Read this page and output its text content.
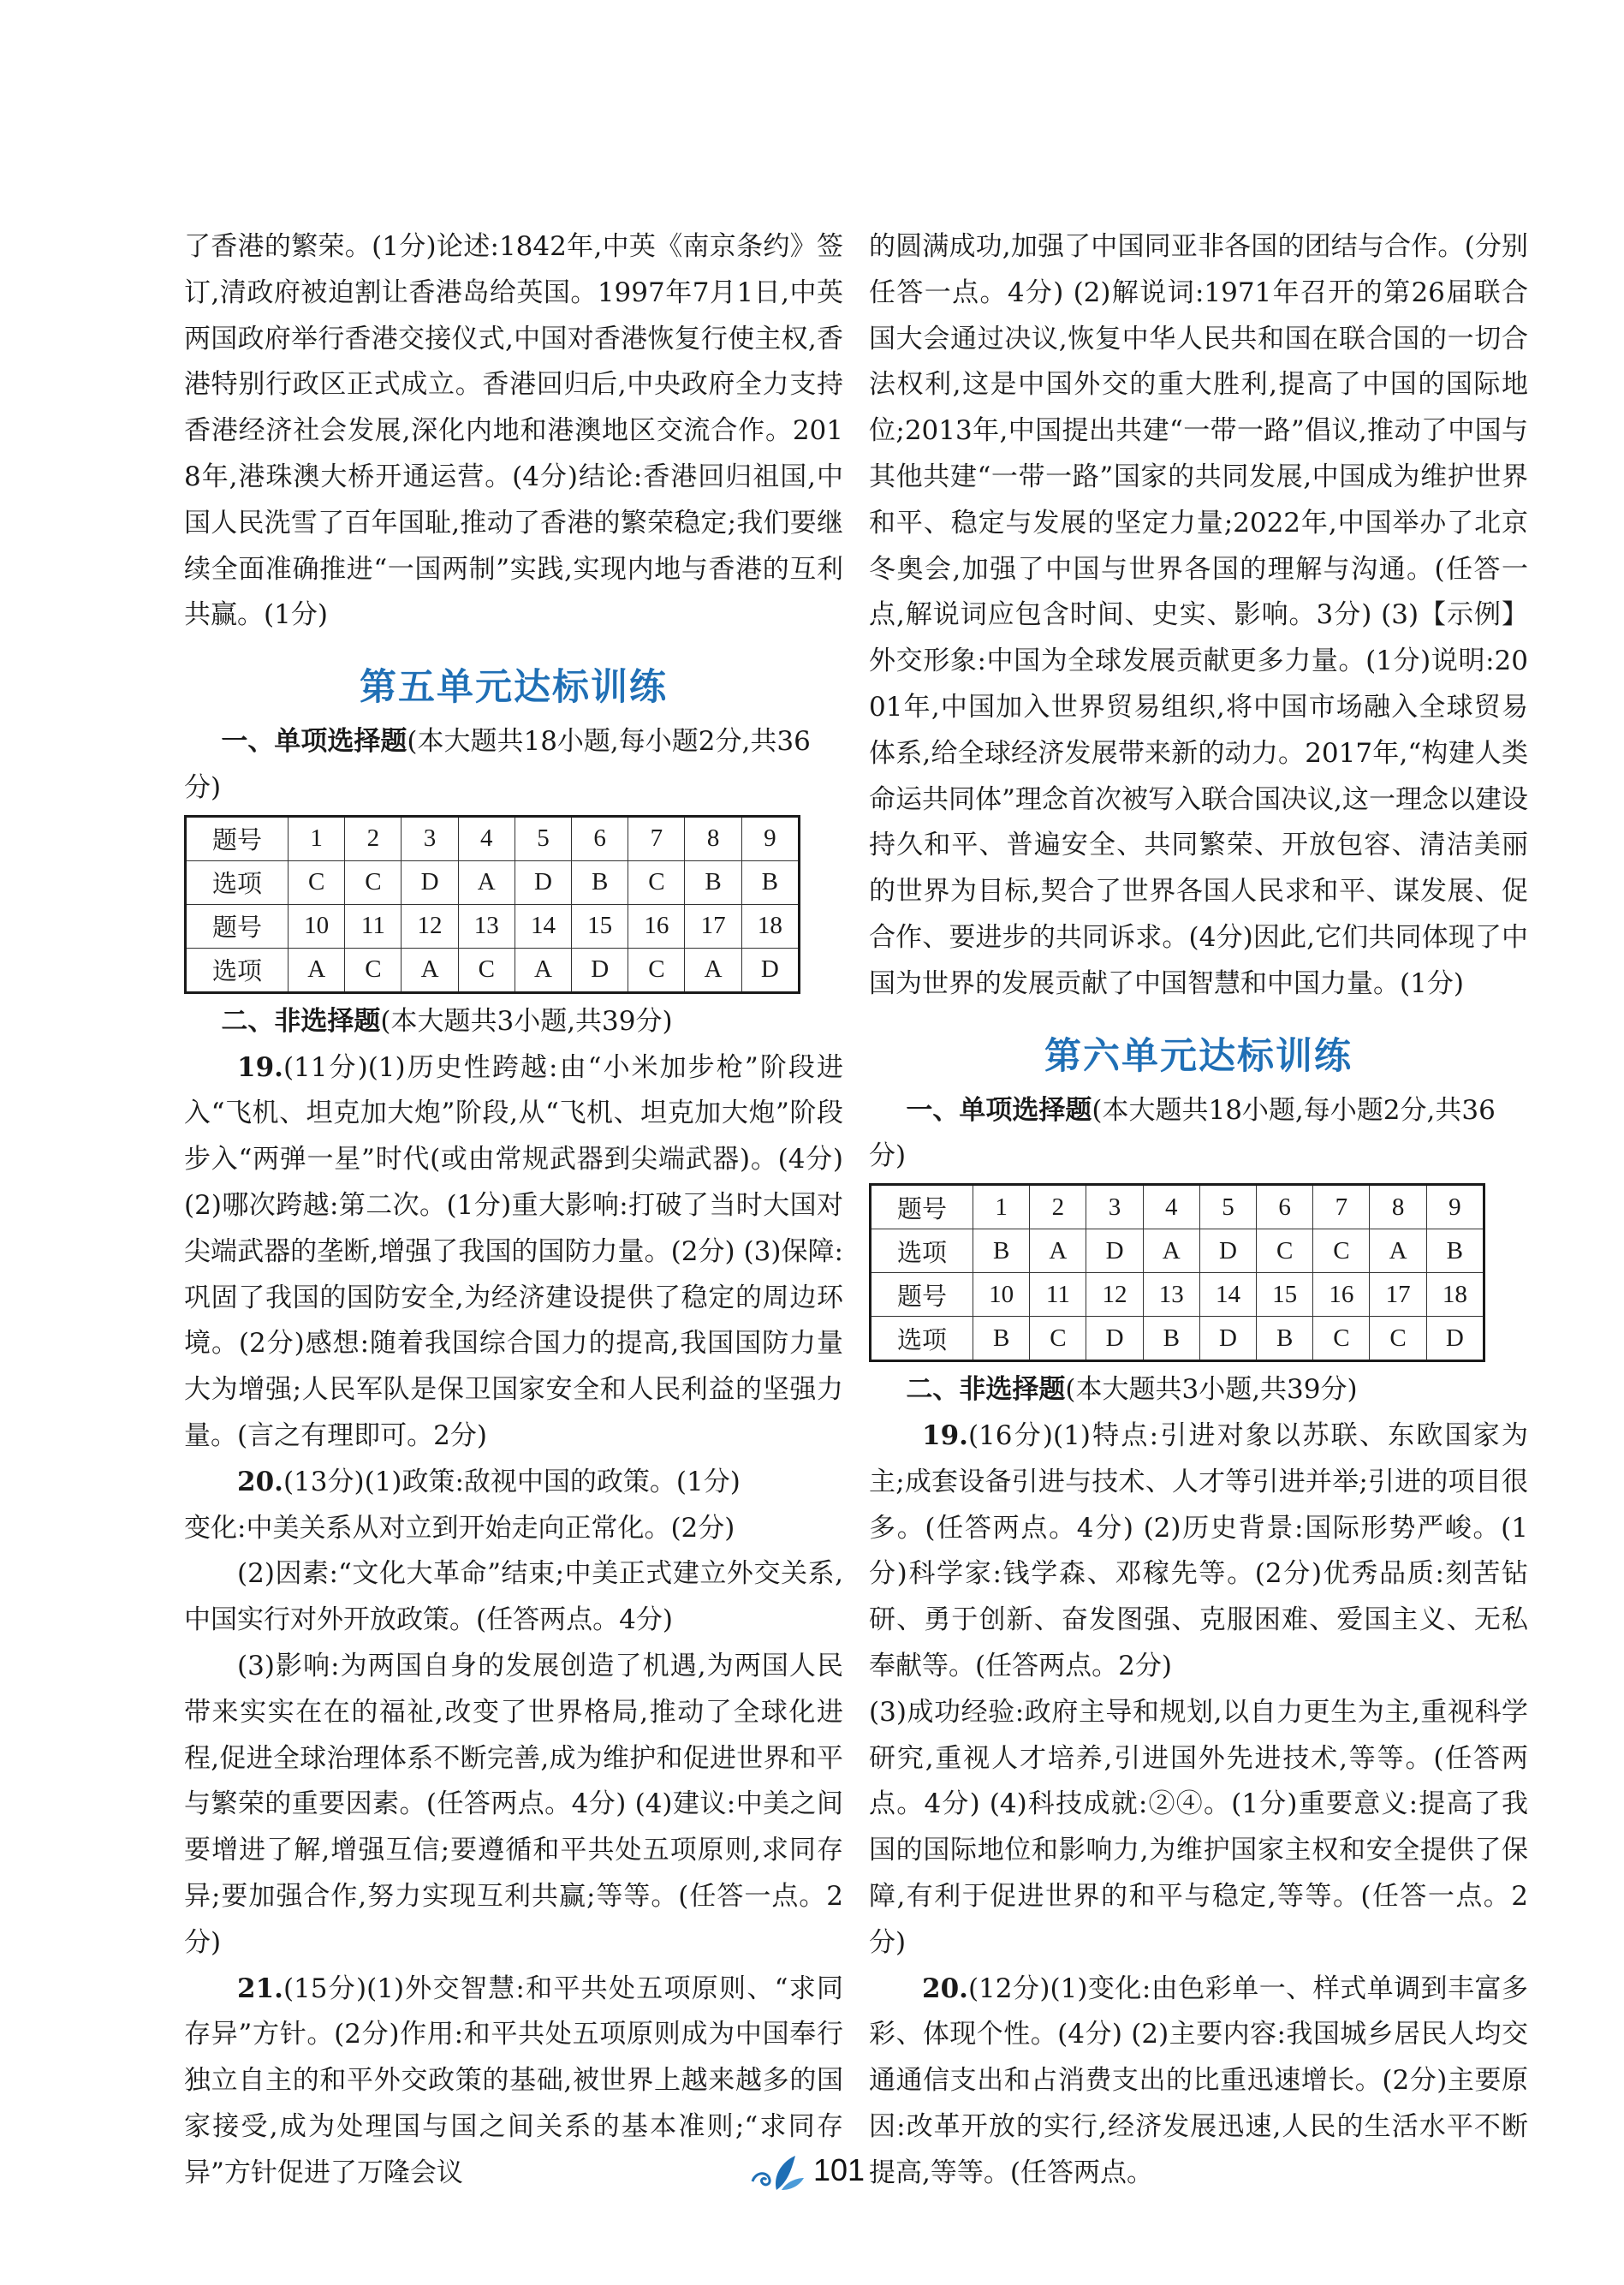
了香港的繁荣。(1分)论述:1842年,中英《南京条约》签订,清政府被迫割让香港岛给英国。1997年7月1日,中英两国政府举行香港交接仪式,中国对香港恢复行使主权,香港特别行政区正式成立。香港回归后,中央政府全力支持香港经济社会发展,深化内地和港澳地区交流合作。2018年,港珠澳大桥开通运营。(4分)结论:香港回归祖国,中国人民洗雪了百年国耻,推动了香港的繁荣稳定;我们要继续全面准确推进“一国两制”实践,实现内地与香港的互利共赢。(1分)

第五单元达标训练

一、单项选择题(本大题共18小题,每小题2分,共36分)

题号	1	2	3	4	5	6	7	8	9
选项	C	C	D	A	D	B	C	B	B
题号	10	11	12	13	14	15	16	17	18
选项	A	C	A	C	A	D	C	A	D

二、非选择题(本大题共3小题,共39分)

19.(11分)(1)历史性跨越:由“小米加步枪”阶段进入“飞机、坦克加大炮”阶段,从“飞机、坦克加大炮”阶段步入“两弹一星”时代(或由常规武器到尖端武器)。(4分) (2)哪次跨越:第二次。(1分)重大影响:打破了当时大国对尖端武器的垄断,增强了我国的国防力量。(2分) (3)保障:巩固了我国的国防安全,为经济建设提供了稳定的周边环境。(2分)感想:随着我国综合国力的提高,我国国防力量大为增强;人民军队是保卫国家安全和人民利益的坚强力量。(言之有理即可。2分)

20.(13分)(1)政策:敌视中国的政策。(1分)

变化:中美关系从对立到开始走向正常化。(2分)

(2)因素:“文化大革命”结束;中美正式建立外交关系,中国实行对外开放政策。(任答两点。4分)

(3)影响:为两国自身的发展创造了机遇,为两国人民带来实实在在的福祉,改变了世界格局,推动了全球化进程,促进全球治理体系不断完善,成为维护和促进世界和平与繁荣的重要因素。(任答两点。4分) (4)建议:中美之间要增进了解,增强互信;要遵循和平共处五项原则,求同存异;要加强合作,努力实现互利共赢;等等。(任答一点。2分)

21.(15分)(1)外交智慧:和平共处五项原则、“求同存异”方针。(2分)作用:和平共处五项原则成为中国奉行独立自主的和平外交政策的基础,被世界上越来越多的国家接受,成为处理国与国之间关系的基本准则;“求同存异”方针促进了万隆会议

的圆满成功,加强了中国同亚非各国的团结与合作。(分别任答一点。4分) (2)解说词:1971年召开的第26届联合国大会通过决议,恢复中华人民共和国在联合国的一切合法权利,这是中国外交的重大胜利,提高了中国的国际地位;2013年,中国提出共建“一带一路”倡议,推动了中国与其他共建“一带一路”国家的共同发展,中国成为维护世界和平、稳定与发展的坚定力量;2022年,中国举办了北京冬奥会,加强了中国与世界各国的理解与沟通。(任答一点,解说词应包含时间、史实、影响。3分) (3)【示例】外交形象:中国为全球发展贡献更多力量。(1分)说明:2001年,中国加入世界贸易组织,将中国市场融入全球贸易体系,给全球经济发展带来新的动力。2017年,“构建人类命运共同体”理念首次被写入联合国决议,这一理念以建设持久和平、普遍安全、共同繁荣、开放包容、清洁美丽的世界为目标,契合了世界各国人民求和平、谋发展、促合作、要进步的共同诉求。(4分)因此,它们共同体现了中国为世界的发展贡献了中国智慧和中国力量。(1分)

第六单元达标训练

一、单项选择题(本大题共18小题,每小题2分,共36分)

题号	1	2	3	4	5	6	7	8	9
选项	B	A	D	A	D	C	C	A	B
题号	10	11	12	13	14	15	16	17	18
选项	B	C	D	B	D	B	C	C	D

二、非选择题(本大题共3小题,共39分)

19.(16分)(1)特点:引进对象以苏联、东欧国家为主;成套设备引进与技术、人才等引进并举;引进的项目很多。(任答两点。4分) (2)历史背景:国际形势严峻。(1分)科学家:钱学森、邓稼先等。(2分)优秀品质:刻苦钻研、勇于创新、奋发图强、克服困难、爱国主义、无私奉献等。(任答两点。2分)

(3)成功经验:政府主导和规划,以自力更生为主,重视科学研究,重视人才培养,引进国外先进技术,等等。(任答两点。4分) (4)科技成就:②④。(1分)重要意义:提高了我国的国际地位和影响力,为维护国家主权和安全提供了保障,有利于促进世界的和平与稳定,等等。(任答一点。2分)

20.(12分)(1)变化:由色彩单一、样式单调到丰富多彩、体现个性。(4分) (2)主要内容:我国城乡居民人均交通通信支出和占消费支出的比重迅速增长。(2分)主要原因:改革开放的实行,经济发展迅速,人民的生活水平不断提高,等等。(任答两点。

101
